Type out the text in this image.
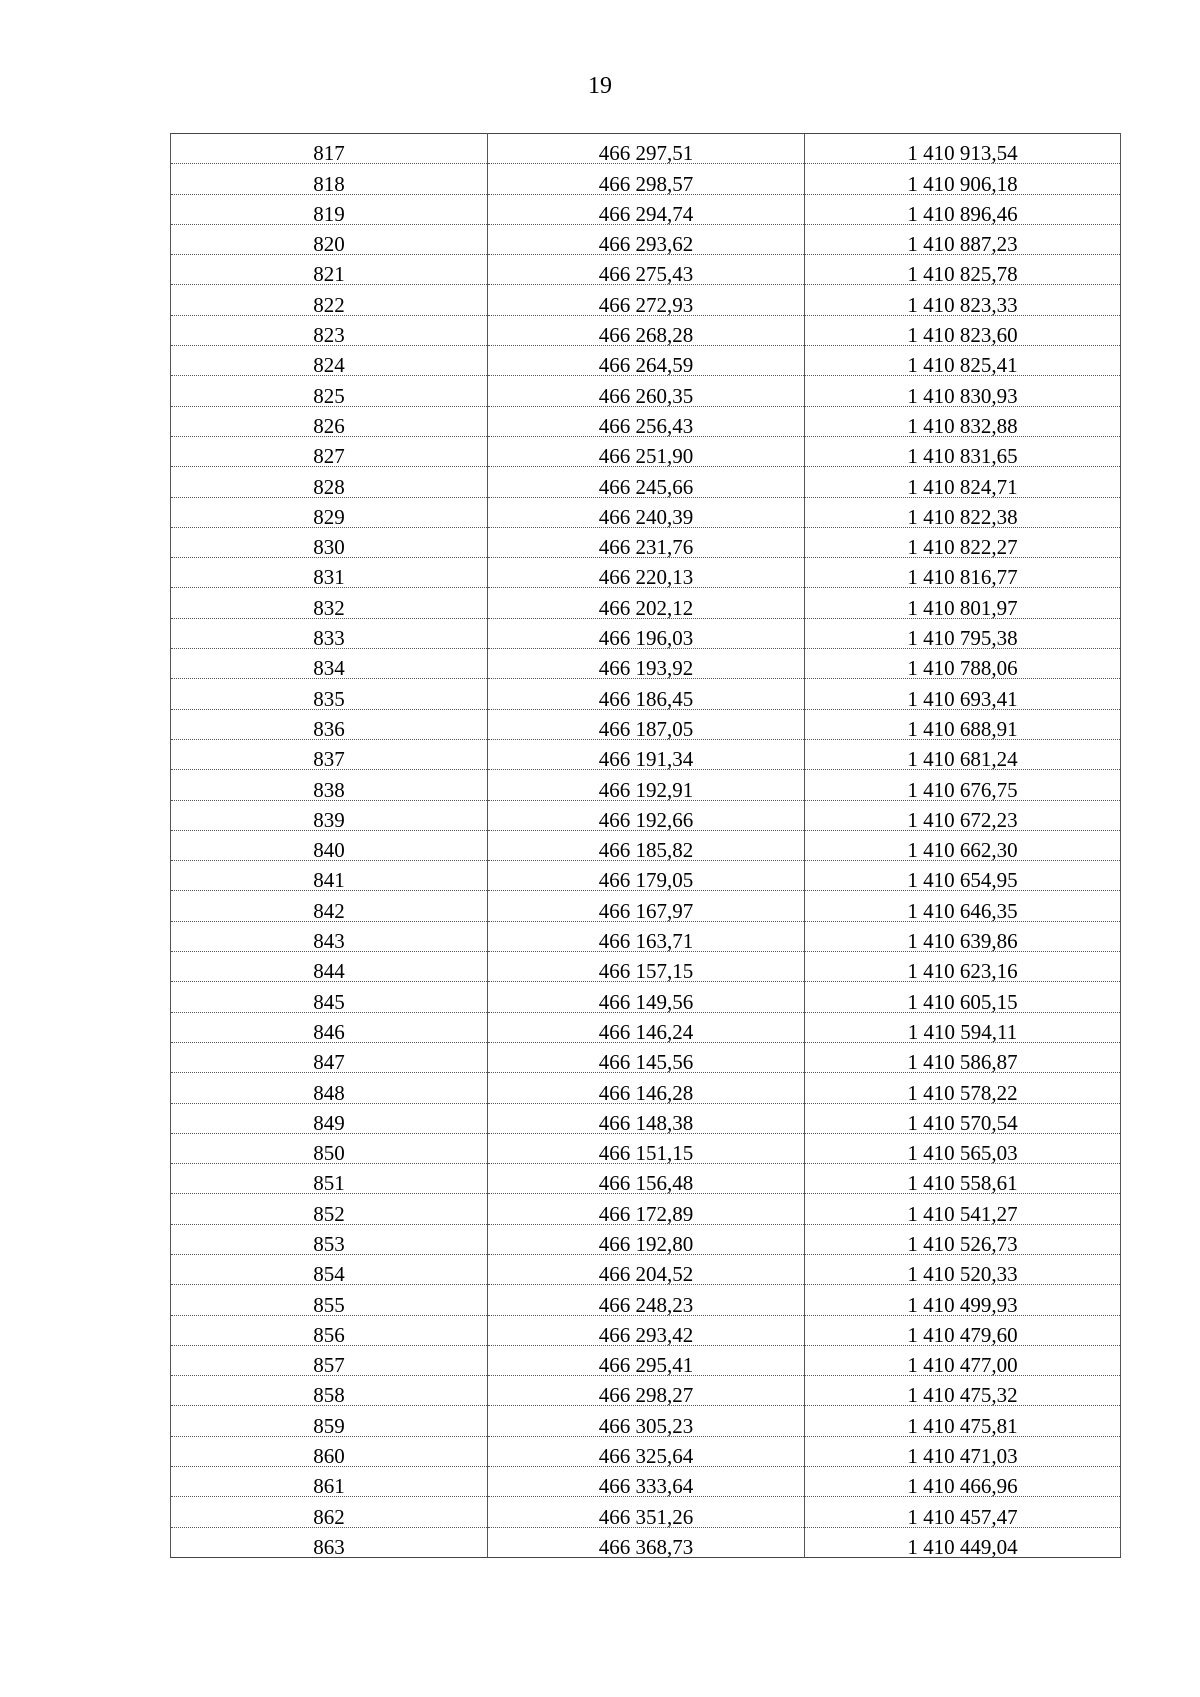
19
817	466 297,51	1 410 913,54
818	466 298,57	1 410 906,18
819	466 294,74	1 410 896,46
820	466 293,62	1 410 887,23
821	466 275,43	1 410 825,78
822	466 272,93	1 410 823,33
823	466 268,28	1 410 823,60
824	466 264,59	1 410 825,41
825	466 260,35	1 410 830,93
826	466 256,43	1 410 832,88
827	466 251,90	1 410 831,65
828	466 245,66	1 410 824,71
829	466 240,39	1 410 822,38
830	466 231,76	1 410 822,27
831	466 220,13	1 410 816,77
832	466 202,12	1 410 801,97
833	466 196,03	1 410 795,38
834	466 193,92	1 410 788,06
835	466 186,45	1 410 693,41
836	466 187,05	1 410 688,91
837	466 191,34	1 410 681,24
838	466 192,91	1 410 676,75
839	466 192,66	1 410 672,23
840	466 185,82	1 410 662,30
841	466 179,05	1 410 654,95
842	466 167,97	1 410 646,35
843	466 163,71	1 410 639,86
844	466 157,15	1 410 623,16
845	466 149,56	1 410 605,15
846	466 146,24	1 410 594,11
847	466 145,56	1 410 586,87
848	466 146,28	1 410 578,22
849	466 148,38	1 410 570,54
850	466 151,15	1 410 565,03
851	466 156,48	1 410 558,61
852	466 172,89	1 410 541,27
853	466 192,80	1 410 526,73
854	466 204,52	1 410 520,33
855	466 248,23	1 410 499,93
856	466 293,42	1 410 479,60
857	466 295,41	1 410 477,00
858	466 298,27	1 410 475,32
859	466 305,23	1 410 475,81
860	466 325,64	1 410 471,03
861	466 333,64	1 410 466,96
862	466 351,26	1 410 457,47
863	466 368,73	1 410 449,04
